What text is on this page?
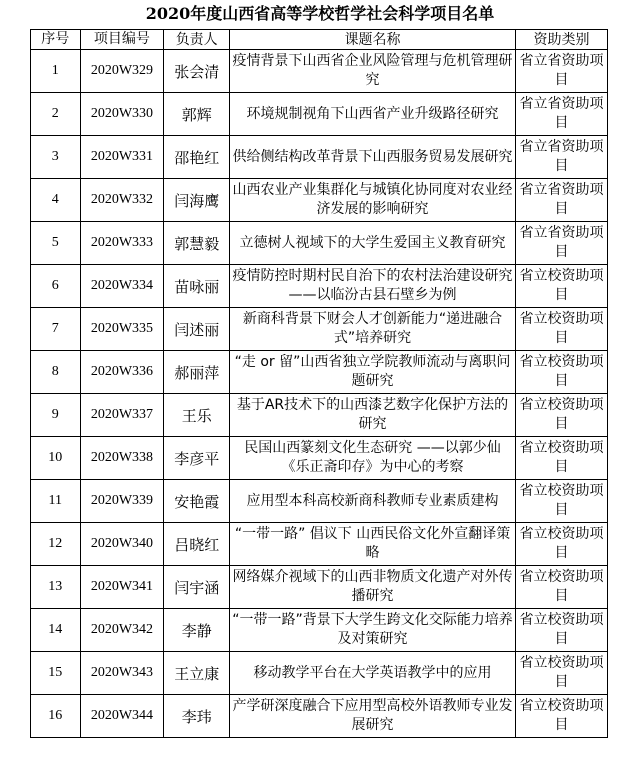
2020年度山西省高等学校哲学社会科学项目名单
序号	项目编号	负责人	课题名称	资助类别
1	2020W329	张会清	疫情背景下山西省企业风险管理与危机管理研究	省立省资助项目
2	2020W330	郭辉	环境规制视角下山西省产业升级路径研究	省立省资助项目
3	2020W331	邵艳红	供给侧结构改革背景下山西服务贸易发展研究	省立省资助项目
4	2020W332	闫海鹰	山西农业产业集群化与城镇化协同度对农业经济发展的影响研究	省立省资助项目
5	2020W333	郭慧毅	立德树人视域下的大学生爱国主义教育研究	省立省资助项目
6	2020W334	苗咏丽	疫情防控时期村民自治下的农村法治建设研究 ——以临汾古县石壁乡为例	省立校资助项目
7	2020W335	闫述丽	新商科背景下财会人才创新能力“递进融合式”培养研究	省立校资助项目
8	2020W336	郝丽萍	“走 or 留”山西省独立学院教师流动与离职问题研究	省立校资助项目
9	2020W337	王乐	基于AR技术下的山西漆艺数字化保护方法的研究	省立校资助项目
10	2020W338	李彦平	民国山西篆刻文化生态研究 ——以郭少仙《乐正斋印存》为中心的考察	省立校资助项目
11	2020W339	安艳霞	应用型本科高校新商科教师专业素质建构	省立校资助项目
12	2020W340	吕晓红	“一带一路” 倡议下 山西民俗文化外宣翻译策略	省立校资助项目
13	2020W341	闫宇涵	网络媒介视域下的山西非物质文化遗产对外传播研究	省立校资助项目
14	2020W342	李静	“一带一路”背景下大学生跨文化交际能力培养及对策研究	省立校资助项目
15	2020W343	王立康	移动教学平台在大学英语教学中的应用	省立校资助项目
16	2020W344	李玮	产学研深度融合下应用型高校外语教师专业发展研究	省立校资助项目
